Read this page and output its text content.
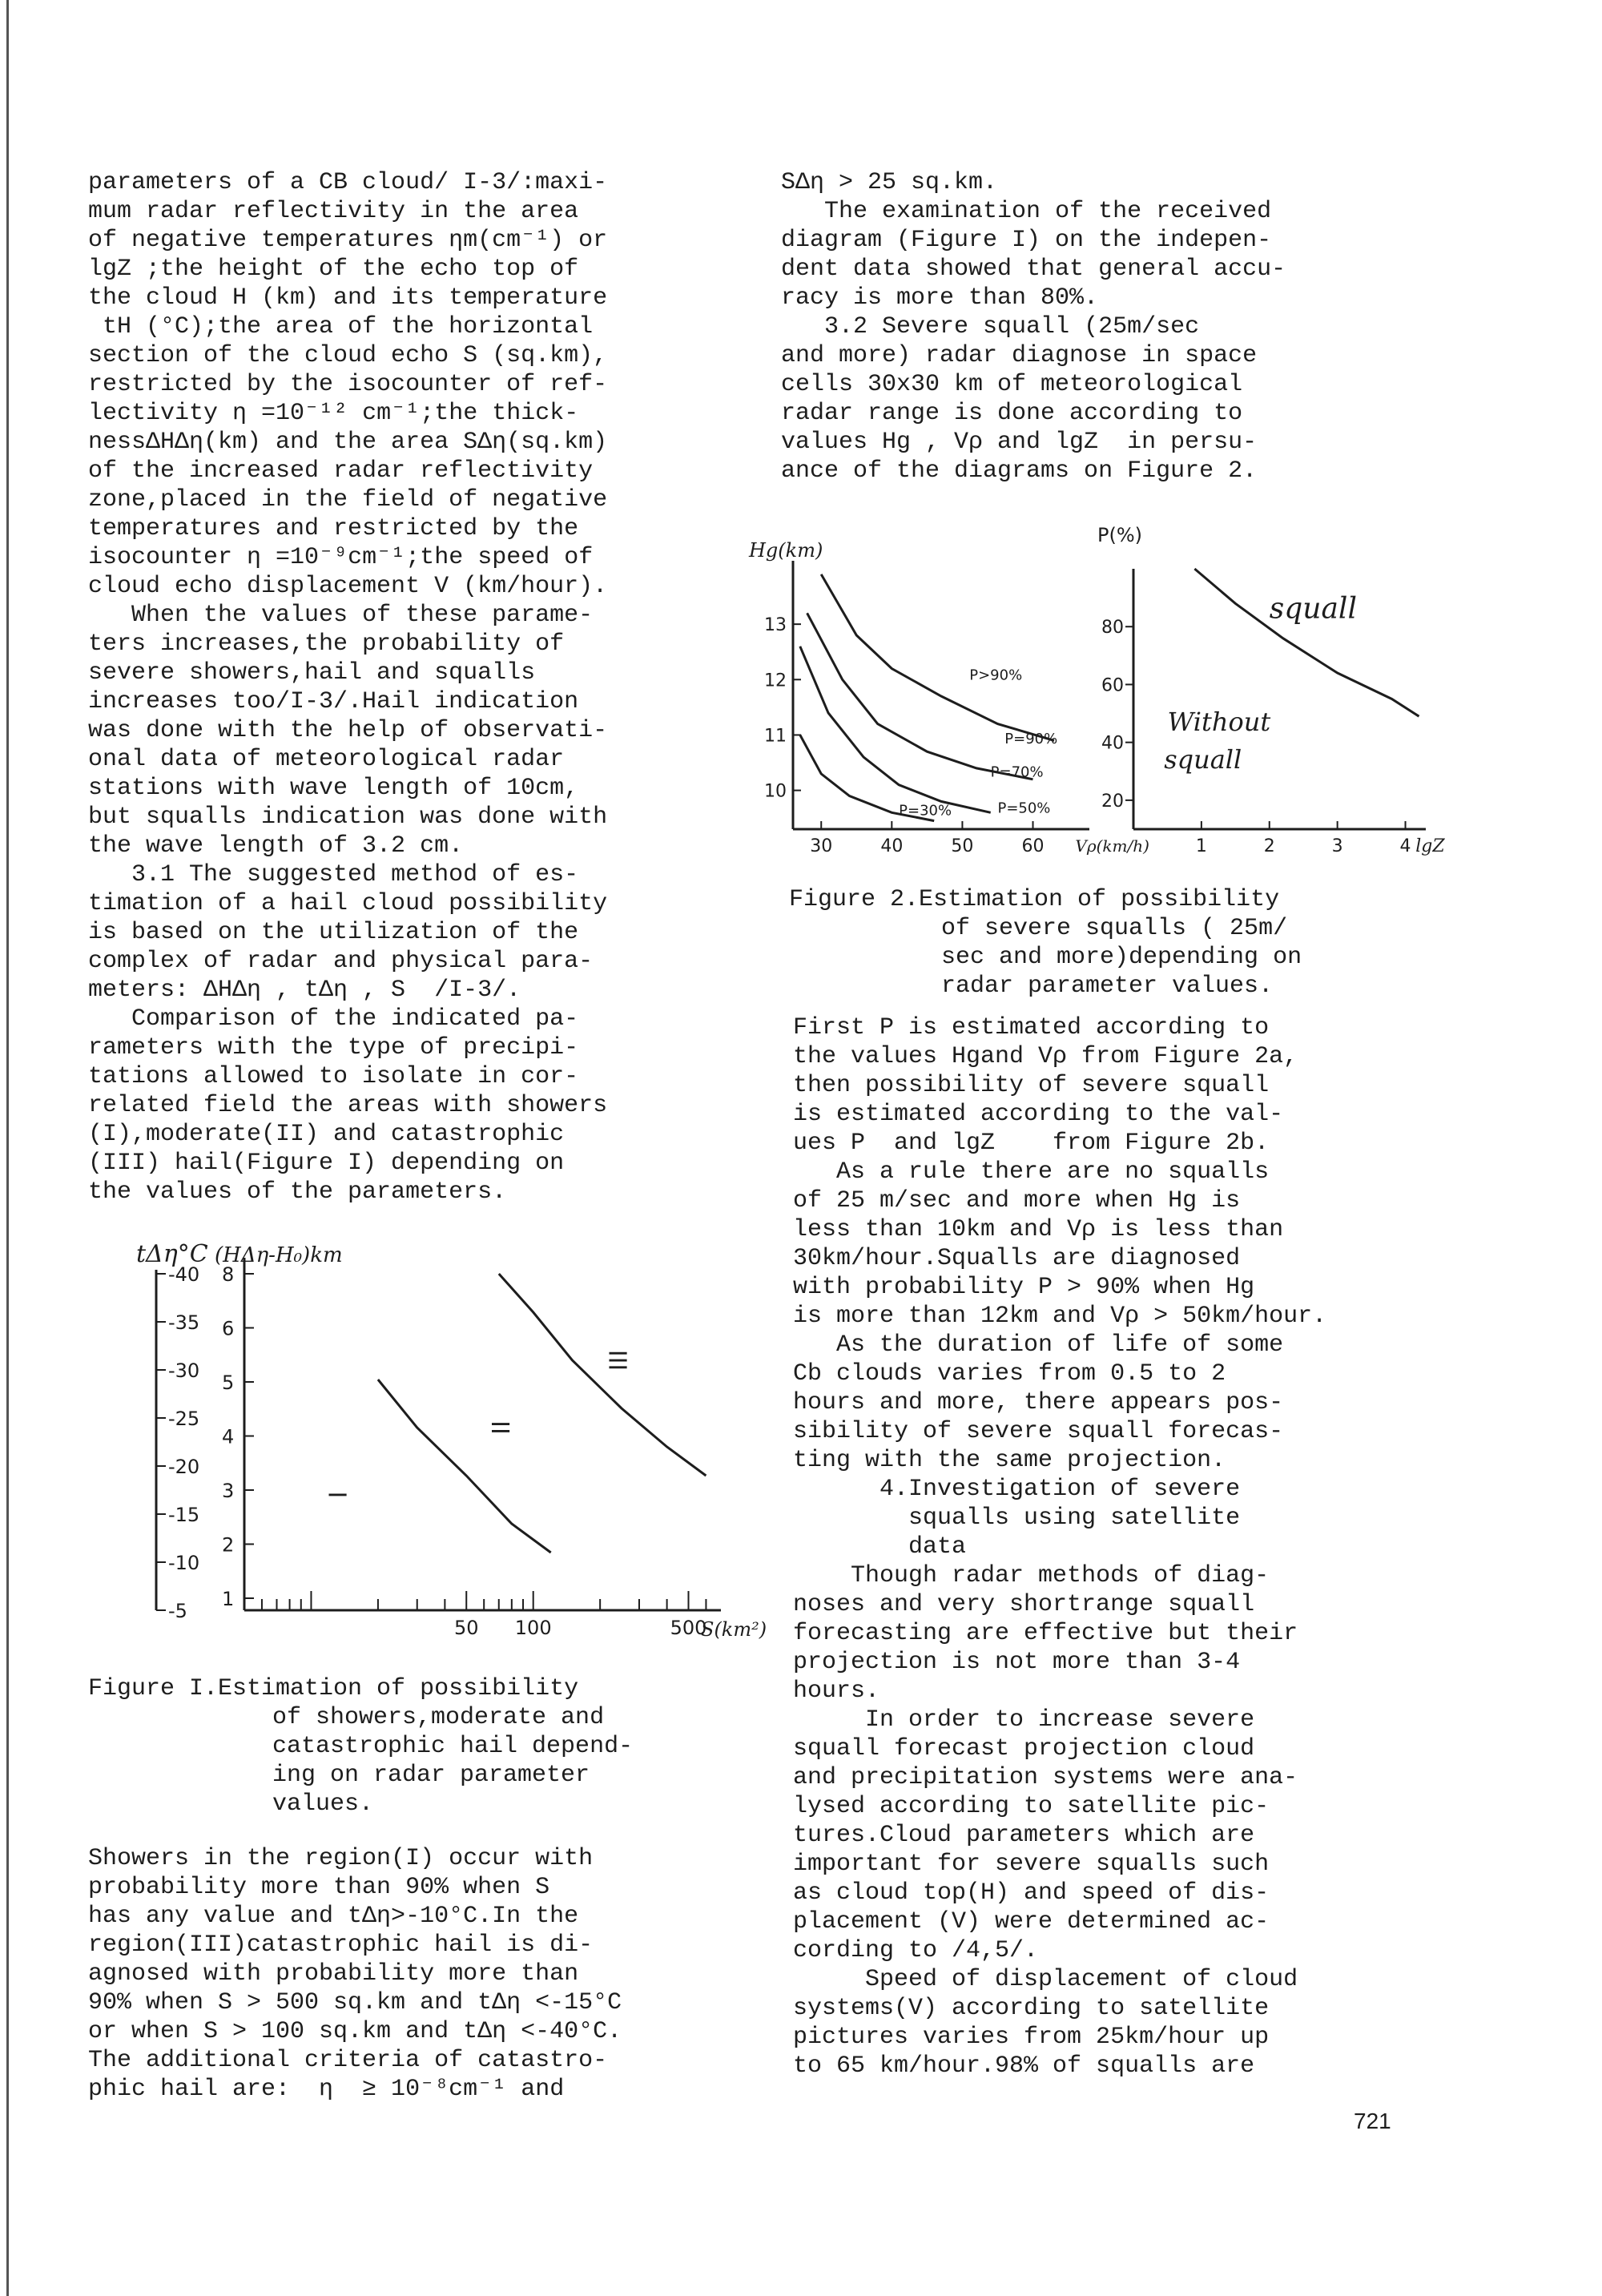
parameters of a CB cloud/ I-3/:maxi-
mum radar reflectivity in the area
of negative temperatures ηm(cm⁻¹) or
lgZ ;the height of the echo top of
the cloud H (km) and its temperature
tH (°C);the area of the horizontal
section of the cloud echo S (sq.km),
restricted by the isocounter of ref-
lectivity η =10⁻¹² cm⁻¹;the thick-
nessΔHΔη(km) and the area SΔη(sq.km)
of the increased radar reflectivity
zone,placed in the field of negative
temperatures and restricted by the
isocounter η =10⁻⁹cm⁻¹;the speed of
cloud echo displacement V (km/hour).

When the values of these parame-
ters increases,the probability of
severe showers,hail and squalls
increases too/I-3/.Hail indication
was done with the help of observati-
onal data of meteorological radar
stations with wave length of 10cm,
but squalls indication was done with
the wave length of 3.2 cm.

3.1 The suggested method of es-
timation of a hail cloud possibility
is based on the utilization of the
complex of radar and physical para-
meters: ΔHΔη , tΔη , S  /I-3/.

Comparison of the indicated pa-
rameters with the type of precipi-
tations allowed to isolate in cor-
related field the areas with showers
(I),moderate(II) and catastrophic
(III) hail(Figure I) depending on
the values of the parameters.

-40
-35
-30
-25
-20
-15
-10
-5
8
6
5
4
3
2
1
50 100	500
tΔη°C (HΔη-H₀)km
S(km²)
I
II
III
Figure I.Estimation of possibility
of showers,moderate and
catastrophic hail depend-
ing on radar parameter
values.

Showers in the region(I) occur with
probability more than 90% when S
has any value and tΔη>-10°C.In the
region(III)catastrophic hail is di-
agnosed with probability more than
90% when S > 500 sq.km and tΔη <-15°C
or when S > 100 sq.km and tΔη <-40°C.
The additional criteria of catastro-
phic hail are:  η  ≥ 10⁻⁸cm⁻¹ and

SΔη > 25 sq.km.
The examination of the received
diagram (Figure I) on the indepen-
dent data showed that general accu-
racy is more than 80%.

3.2 Severe squall (25m/sec
and more) radar diagnose in space
cells 30x30 km of meteorological
radar range is done according to
values Hg , Vρ and lgZ  in persu-
ance of the diagrams on Figure 2.

10
11
12
13
30	40	50	60
Hg(km)
Vρ(km/h)
P>90%
P=90%
P=70%
P=50%
P=30%	20
40
60
80
1	2	3	4
P(%)
lgZ
squall
Without
squall
Figure 2.Estimation of possibility
of severe squalls ( 25m/
sec and more)depending on
radar parameter values.

First P is estimated according to
the values Hgand Vρ from Figure 2a,
then possibility of severe squall
is estimated according to the val-
ues P  and lgZ    from Figure 2b.
As a rule there are no squalls
of 25 m/sec and more when Hg is
less than 10km and Vρ is less than
30km/hour.Squalls are diagnosed
with probability P > 90% when Hg
is more than 12km and Vρ > 50km/hour.
As the duration of life of some
Cb clouds varies from 0.5 to 2
hours and more, there appears pos-
sibility of severe squall forecas-
ting with the same projection.

4.Investigation of severe
squalls using satellite
data

Though radar methods of diag-
noses and very shortrange squall
forecasting are effective but their
projection is not more than 3-4
hours.

In order to increase severe
squall forecast projection cloud
and precipitation systems were ana-
lysed according to satellite pic-
tures.Cloud parameters which are
important for severe squalls such
as cloud top(H) and speed of dis-
placement (V) were determined ac-
cording to /4,5/.

Speed of displacement of cloud
systems(V) according to satellite
pictures varies from 25km/hour up
to 65 km/hour.98% of squalls are

721
